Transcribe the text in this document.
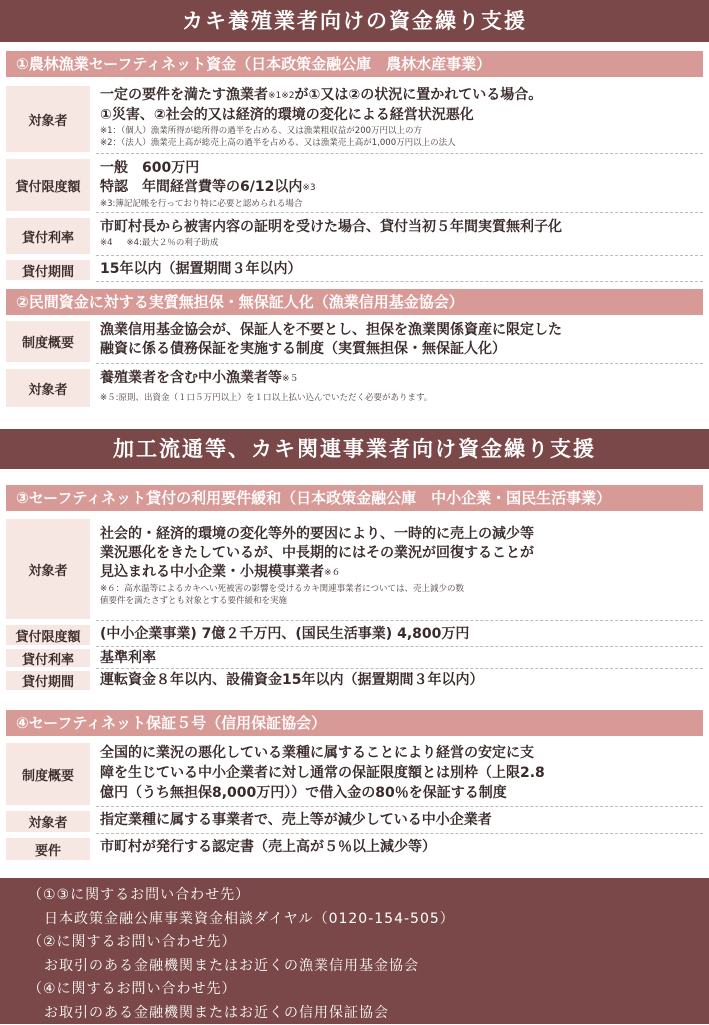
カキ養殖業者向けの資金繰り支援
①農林漁業セーフティネット資金（日本政策金融公庫　農林水産事業）
対象者
一定の要件を満たす漁業者※1※2が①又は②の状況に置かれている場合。
①災害、②社会的又は経済的環境の変化による経営状況悪化
※1：（個人）漁業所得が総所得の過半を占める、又は漁業粗収益が200万円以上の方
※2：（法人）漁業売上高が総売上高の過半を占める、又は漁業売上高が1,000万円以上の法人
貸付限度額
一般　600万円
特認　年間経営費等の6/12以内※3
※3:簿記記帳を行っており特に必要と認められる場合
貸付利率
市町村長から被害内容の証明を受けた場合、貸付当初５年間実質無利子化
※4 ※4:最大２％の利子助成
貸付期間	15年以内（据置期間３年以内）
②民間資金に対する実質無担保・無保証人化（漁業信用基金協会）
制度概要
漁業信用基金協会が、保証人を不要とし、担保を漁業関係資産に限定した
融資に係る債務保証を実施する制度（実質無担保・無保証人化）
対象者
養殖業者を含む中小漁業者等※５
※５:原則、出資金（１口５万円以上）を１口以上払い込んでいただく必要があります。
加工流通等、カキ関連事業者向け資金繰り支援
③セーフティネット貸付の利用要件緩和（日本政策金融公庫　中小企業・国民生活事業）
対象者
社会的・経済的環境の変化等外的要因により、一時的に売上の減少等
業況悪化をきたしているが、中長期的にはその業況が回復することが
見込まれる中小企業・小規模事業者※６
※６：高水温等によるカキへい死被害の影響を受けるカキ関連事業者については、売上減少の数
値要件を満たさずとも対象とする要件緩和を実施
貸付限度額	(中小企業事業) 7億２千万円、(国民生活事業) 4,800万円
貸付利率	基準利率
貸付期間	運転資金８年以内、設備資金15年以内（据置期間３年以内）
④セーフティネット保証５号（信用保証協会）
制度概要
全国的に業況の悪化している業種に属することにより経営の安定に支
障を生じている中小企業者に対し通常の保証限度額とは別枠（上限2.8
億円（うち無担保8,000万円））で借入金の80％を保証する制度
対象者	指定業種に属する事業者で、売上等が減少している中小企業者
要件	市町村が発行する認定書（売上高が５％以上減少等）
（①③に関するお問い合わせ先）
日本政策金融公庫事業資金相談ダイヤル（0120-154-505）
（②に関するお問い合わせ先）
お取引のある金融機関またはお近くの漁業信用基金協会
（④に関するお問い合わせ先）
お取引のある金融機関またはお近くの信用保証協会
